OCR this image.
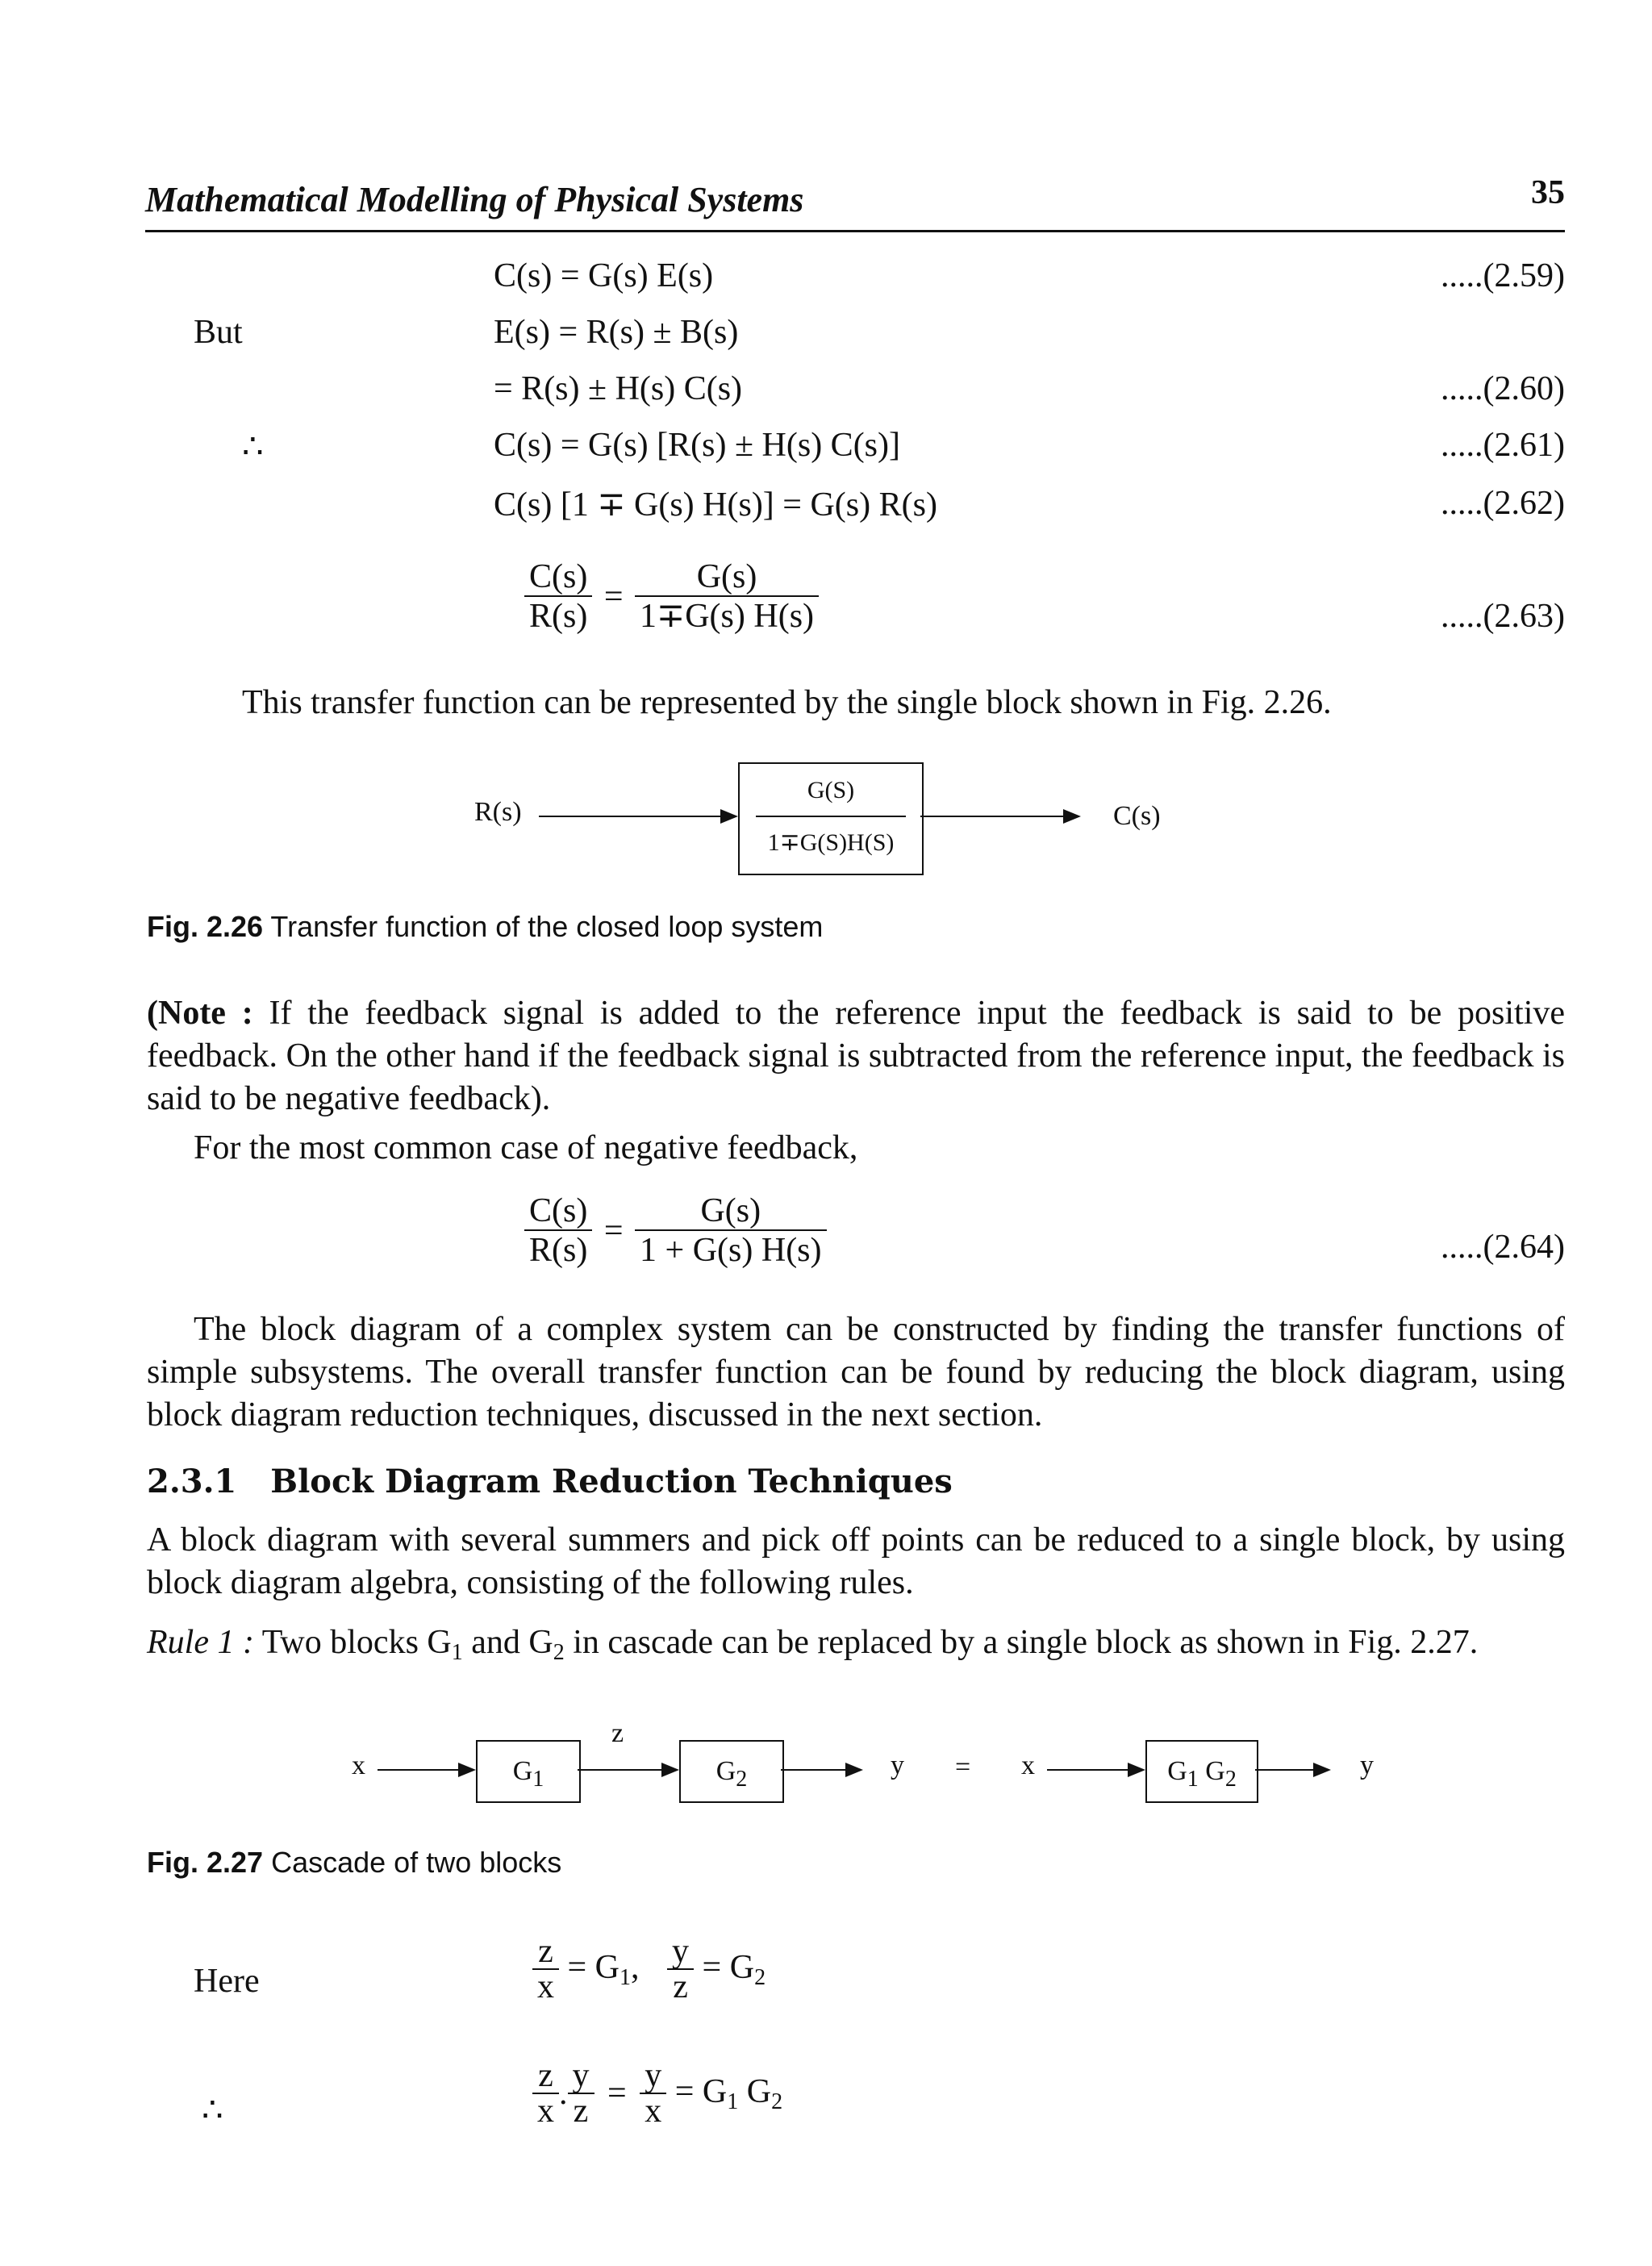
Mathematical Modelling of Physical Systems	35
C(s) = G(s) E(s)	.....(2.59)
But	E(s) = R(s) ± B(s)
= R(s) ± H(s) C(s)	.....(2.60)
∴	C(s) = G(s) [R(s) ± H(s) C(s)]	.....(2.61)
C(s) [1 ∓ G(s) H(s)] = G(s) R(s)	.....(2.62)
$\frac{C(s)}{R(s)} = \frac{G(s)}{1\mp G(s) H(s)}$	.....(2.63)
This transfer function can be represented by the single block shown in Fig. 2.26.
R(s)
G(S)
1∓G(S)H(S)
C(s)
Fig. 2.26 Transfer function of the closed loop system
(Note : If the feedback signal is added to the reference input the feedback is said to be positive feedback. On the other hand if the feedback signal is subtracted from the reference input, the feedback is said to be negative feedback).
For the most common case of negative feedback,
$\frac{C(s)}{R(s)} = \frac{G(s)}{1 + G(s) H(s)}$	.....(2.64)
The block diagram of a complex system can be constructed by finding the transfer functions of simple subsystems. The overall transfer function can be found by reducing the block diagram, using block diagram reduction techniques, discussed in the next section.
2.3.1 Block Diagram Reduction Techniques
A block diagram with several summers and pick off points can be reduced to a single block, by using block diagram algebra, consisting of the following rules.
Rule 1 : Two blocks $G_1$ and $G_2$ in cascade can be replaced by a single block as shown in Fig. 2.27.
x	$G_1$
z
$G_2$	y = x	$G_1$ $G_2$	y
Fig. 2.27 Cascade of two blocks
Here	$\frac{z}{x} = G_1$, $\frac{y}{z} = G_2$
∴	$\frac{z}{x}$ . $\frac{y}{z} = \frac{y}{x} = G_1$ $G_2$
